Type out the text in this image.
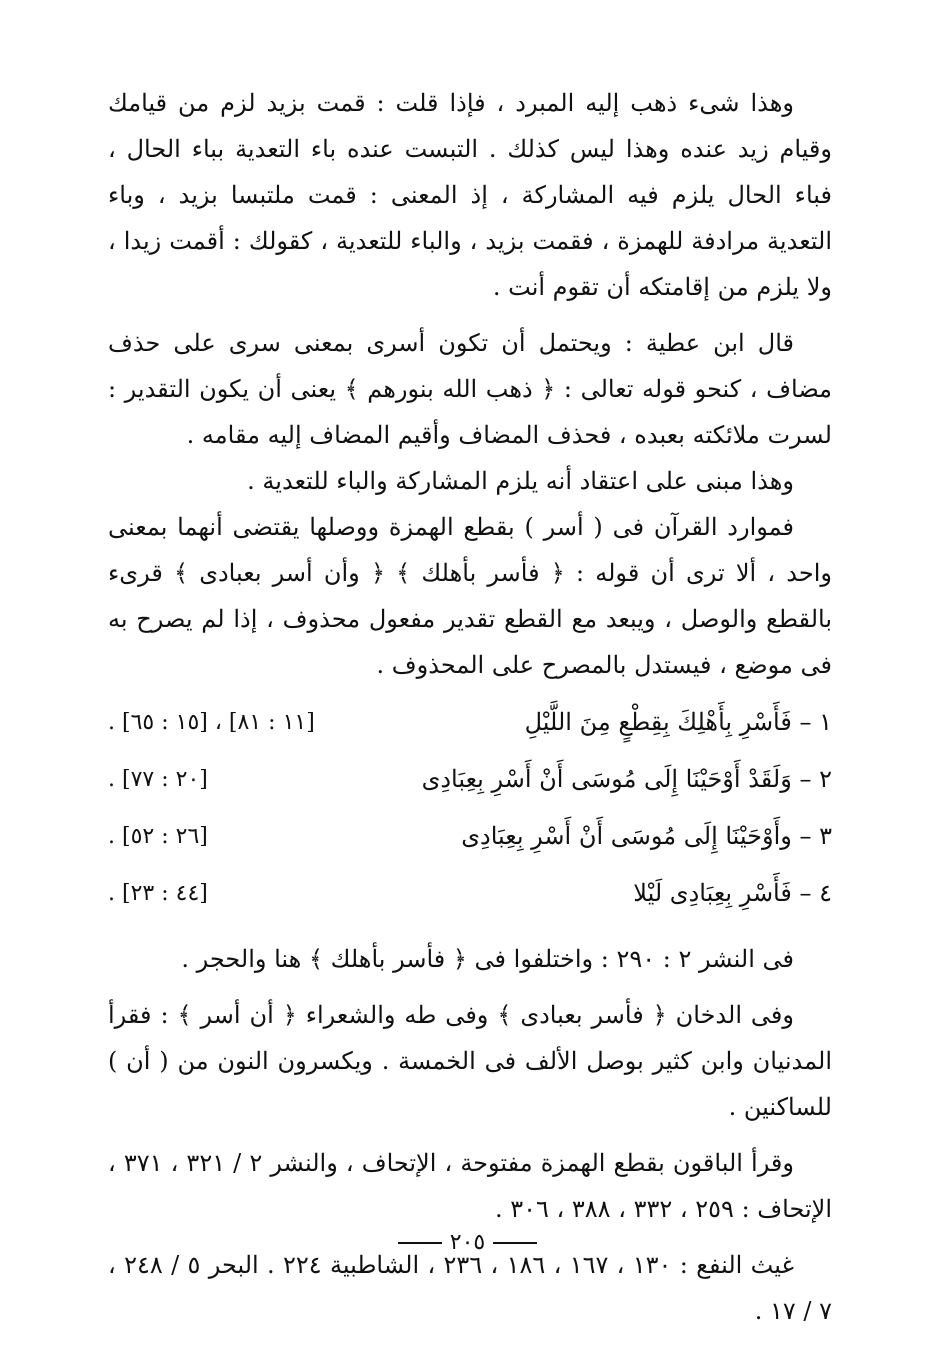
وهذا شىء ذهب إليه المبرد ، فإذا قلت : قمت بزيد لزم من قيامك وقيام زيد عنده وهذا ليس كذلك . التبست عنده باء التعدية بباء الحال ، فباء الحال يلزم فيه المشاركة ، إذ المعنى : قمت ملتبسا بزيد ، وباء التعدية مرادفة للهمزة ، فقمت بزيد ، والباء للتعدية ، كقولك : أقمت زيدا ، ولا يلزم من إقامتكه أن تقوم أنت .

قال ابن عطية : ويحتمل أن تكون أسرى بمعنى سرى على حذف مضاف ، كنحو قوله تعالى : ﴿ ذهب الله بنورهم ﴾ يعنى أن يكون التقدير : لسرت ملائكته بعبده ، فحذف المضاف وأقيم المضاف إليه مقامه .

وهذا مبنى على اعتقاد أنه يلزم المشاركة والباء للتعدية .

فموارد القرآن فى ( أسر ) بقطع الهمزة ووصلها يقتضى أنهما بمعنى واحد ، ألا ترى أن قوله : ﴿ فأسر بأهلك ﴾ ﴿ وأن أسر بعبادى ﴾ قرىء بالقطع والوصل ، ويبعد مع القطع تقدير مفعول محذوف ، إذا لم يصرح به فى موضع ، فيستدل بالمصرح على المحذوف .

١ – فَأَسْرِ بِأَهْلِكَ بِقِطْعٍ مِنَ اللَّيْلِ
[١١ : ٨١] ، [١٥ : ٦٥] .
٢ – وَلَقَدْ أَوْحَيْنَا إِلَى مُوسَى أَنْ أَسْرِ بِعِبَادِى
[٢٠ : ٧٧] .
٣ – وأَوْحَيْنَا إِلَى مُوسَى أَنْ أَسْرِ بِعِبَادِى
[٢٦ : ٥٢] .
٤ – فَأَسْرِ بِعِبَادِى لَيْلا
[٤٤ : ٢٣] .

فى النشر ٢ : ٢٩٠ : واختلفوا فى ﴿ فأسر بأهلك ﴾ هنا والحجر .

وفى الدخان ﴿ فأسر بعبادى ﴾ وفى طه والشعراء ﴿ أن أسر ﴾ : فقرأ المدنيان وابن كثير بوصل الألف فى الخمسة . ويكسرون النون من ( أن ) للساكنين .

وقرأ الباقون بقطع الهمزة مفتوحة ، الإتحاف ، والنشر ٢ / ٣٢١ ، ٣٧١ ، الإتحاف : ٢٥٩ ، ٣٣٢ ، ٣٨٨ ، ٣٠٦ .

غيث النفع : ١٣٠ ، ١٦٧ ، ١٨٦ ، ٢٣٦ ، الشاطبية ٢٢٤ . البحر ٥ / ٢٤٨ ، ٧ / ١٧ .

٢٠٥
